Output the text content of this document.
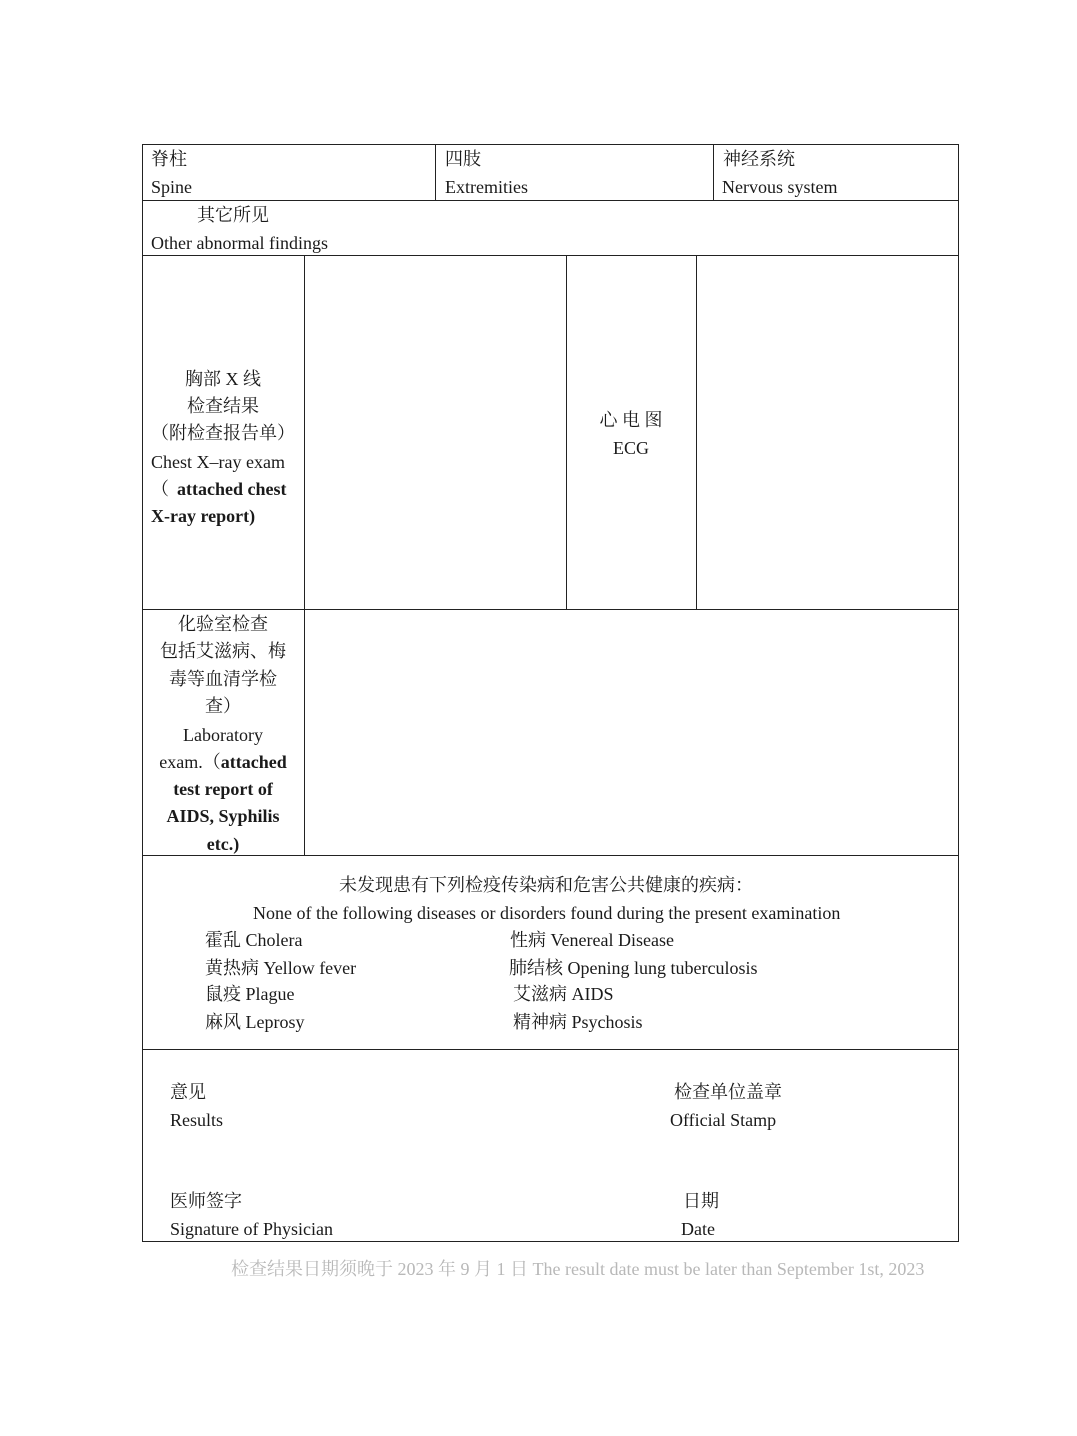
脊柱
Spine
四肢
Extremities
神经系统
Nervous system
其它所见
Other abnormal findings
胸部 X 线
检查结果
（附检查报告单）
Chest X–ray exam
（ attached chest
X-ray report)
心 电 图
ECG
化验室检查
包括艾滋病、梅
毒等血清学检
查）
Laboratory
exam.（attached
test report of
AIDS, Syphilis
etc.)
未发现患有下列检疫传染病和危害公共健康的疾病：
None of the following diseases or disorders found during the present examination
霍乱 Cholera
黄热病 Yellow fever
鼠疫 Plague
麻风 Leprosy
性病 Venereal Disease
肺结核 Opening lung tuberculosis
艾滋病 AIDS
精神病 Psychosis
意见
Results
检查单位盖章
Official Stamp
医师签字
Signature of Physician
日期
Date
检查结果日期须晚于 2023 年 9 月 1 日 The result date must be later than September 1st, 2023
